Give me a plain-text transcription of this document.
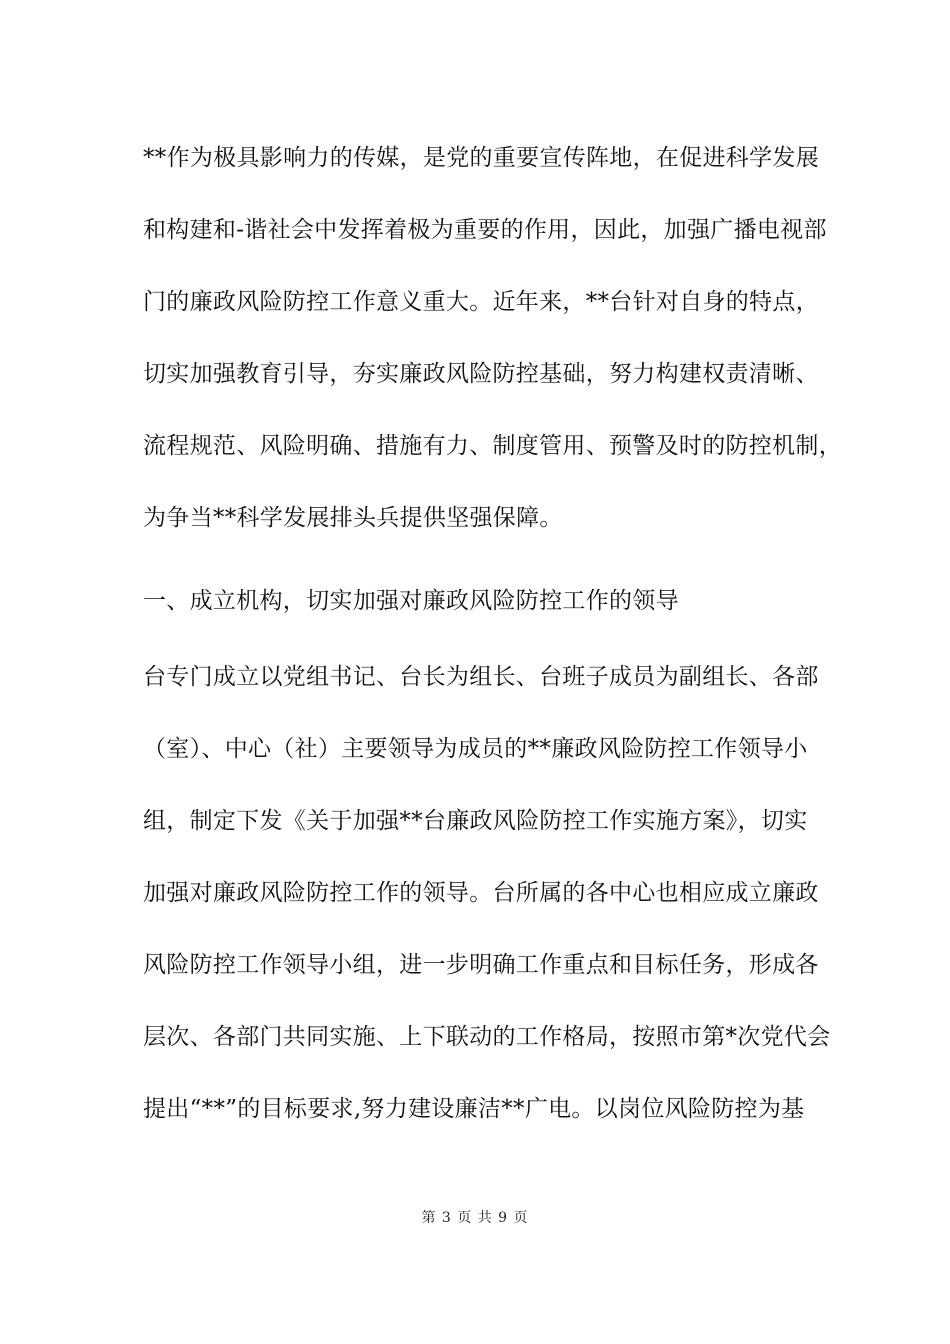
**作为极具影响力的传媒，是党的重要宣传阵地，在促进科学发展
和构建和-谐社会中发挥着极为重要的作用，因此，加强广播电视部
门的廉政风险防控工作意义重大。近年来，**台针对自身的特点，
切实加强教育引导，夯实廉政风险防控基础，努力构建权责清晰、
流程规范、风险明确、措施有力、制度管用、预警及时的防控机制，
为争当**科学发展排头兵提供坚强保障。
一、成立机构，切实加强对廉政风险防控工作的领导
台专门成立以党组书记、台长为组长、台班子成员为副组长、各部
（室）、中心（社）主要领导为成员的**廉政风险防控工作领导小
组，制定下发《关于加强**台廉政风险防控工作实施方案》，切实
加强对廉政风险防控工作的领导。台所属的各中心也相应成立廉政
风险防控工作领导小组，进一步明确工作重点和目标任务，形成各
层次、各部门共同实施、上下联动的工作格局，按照市第*次党代会
提出“**”的目标要求,努力建设廉洁**广电。以岗位风险防控为基
第 3 页 共 9 页
